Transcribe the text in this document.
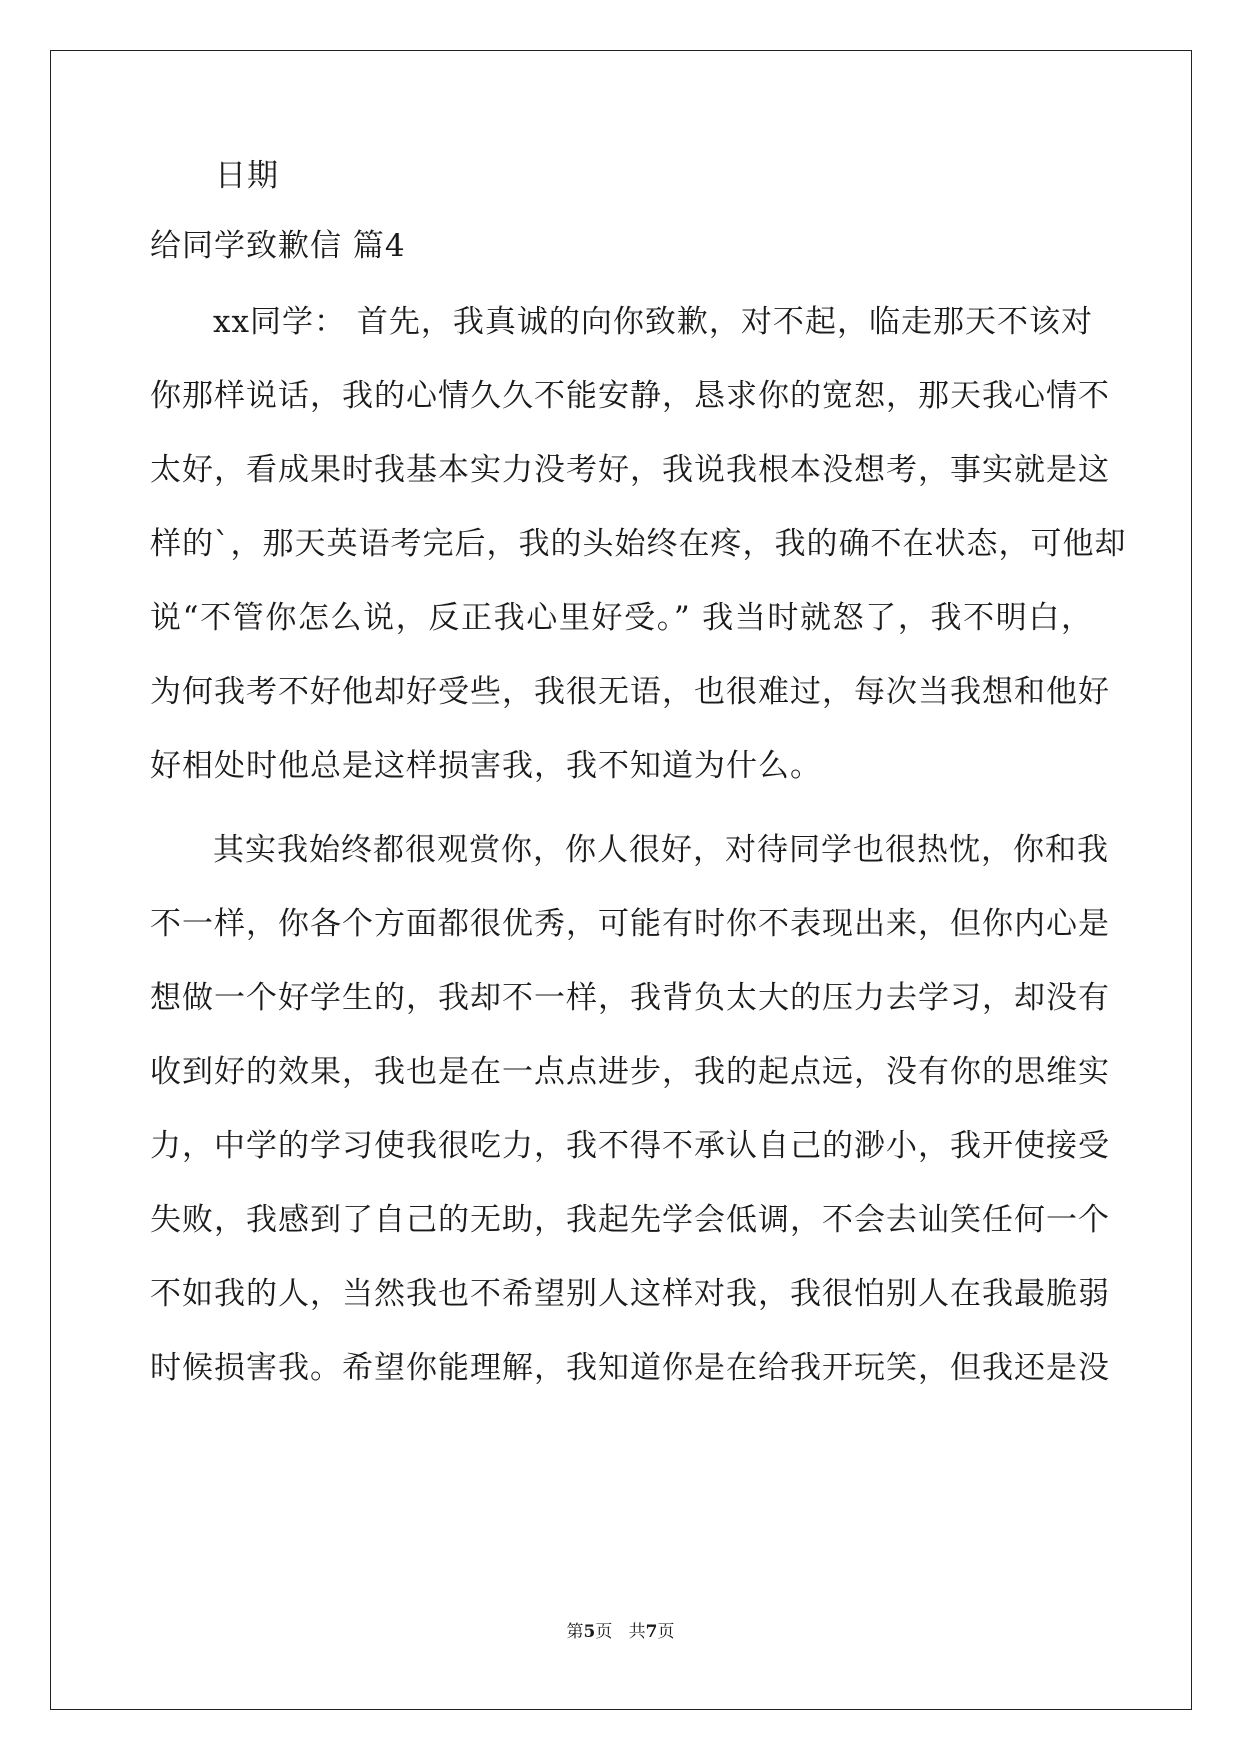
日期
给同学致歉信 篇4
xx同学： 首先，我真诚的向你致歉，对不起，临走那天不该对
你那样说话，我的心情久久不能安静，恳求你的宽恕，那天我心情不
太好，看成果时我基本实力没考好，我说我根本没想考，事实就是这
样的`，那天英语考完后，我的头始终在疼，我的确不在状态，可他却
说“不管你怎么说，反正我心里好受。” 我当时就怒了，我不明白，
为何我考不好他却好受些，我很无语，也很难过，每次当我想和他好
好相处时他总是这样损害我，我不知道为什么。
其实我始终都很观赏你，你人很好，对待同学也很热忱，你和我
不一样，你各个方面都很优秀，可能有时你不表现出来，但你内心是
想做一个好学生的，我却不一样，我背负太大的压力去学习，却没有
收到好的效果，我也是在一点点进步，我的起点远，没有你的思维实
力，中学的学习使我很吃力，我不得不承认自己的渺小，我开使接受
失败，我感到了自己的无助，我起先学会低调，不会去讪笑任何一个
不如我的人，当然我也不希望别人这样对我，我很怕别人在我最脆弱
时候损害我。希望你能理解，我知道你是在给我开玩笑，但我还是没
第5页   共7页
